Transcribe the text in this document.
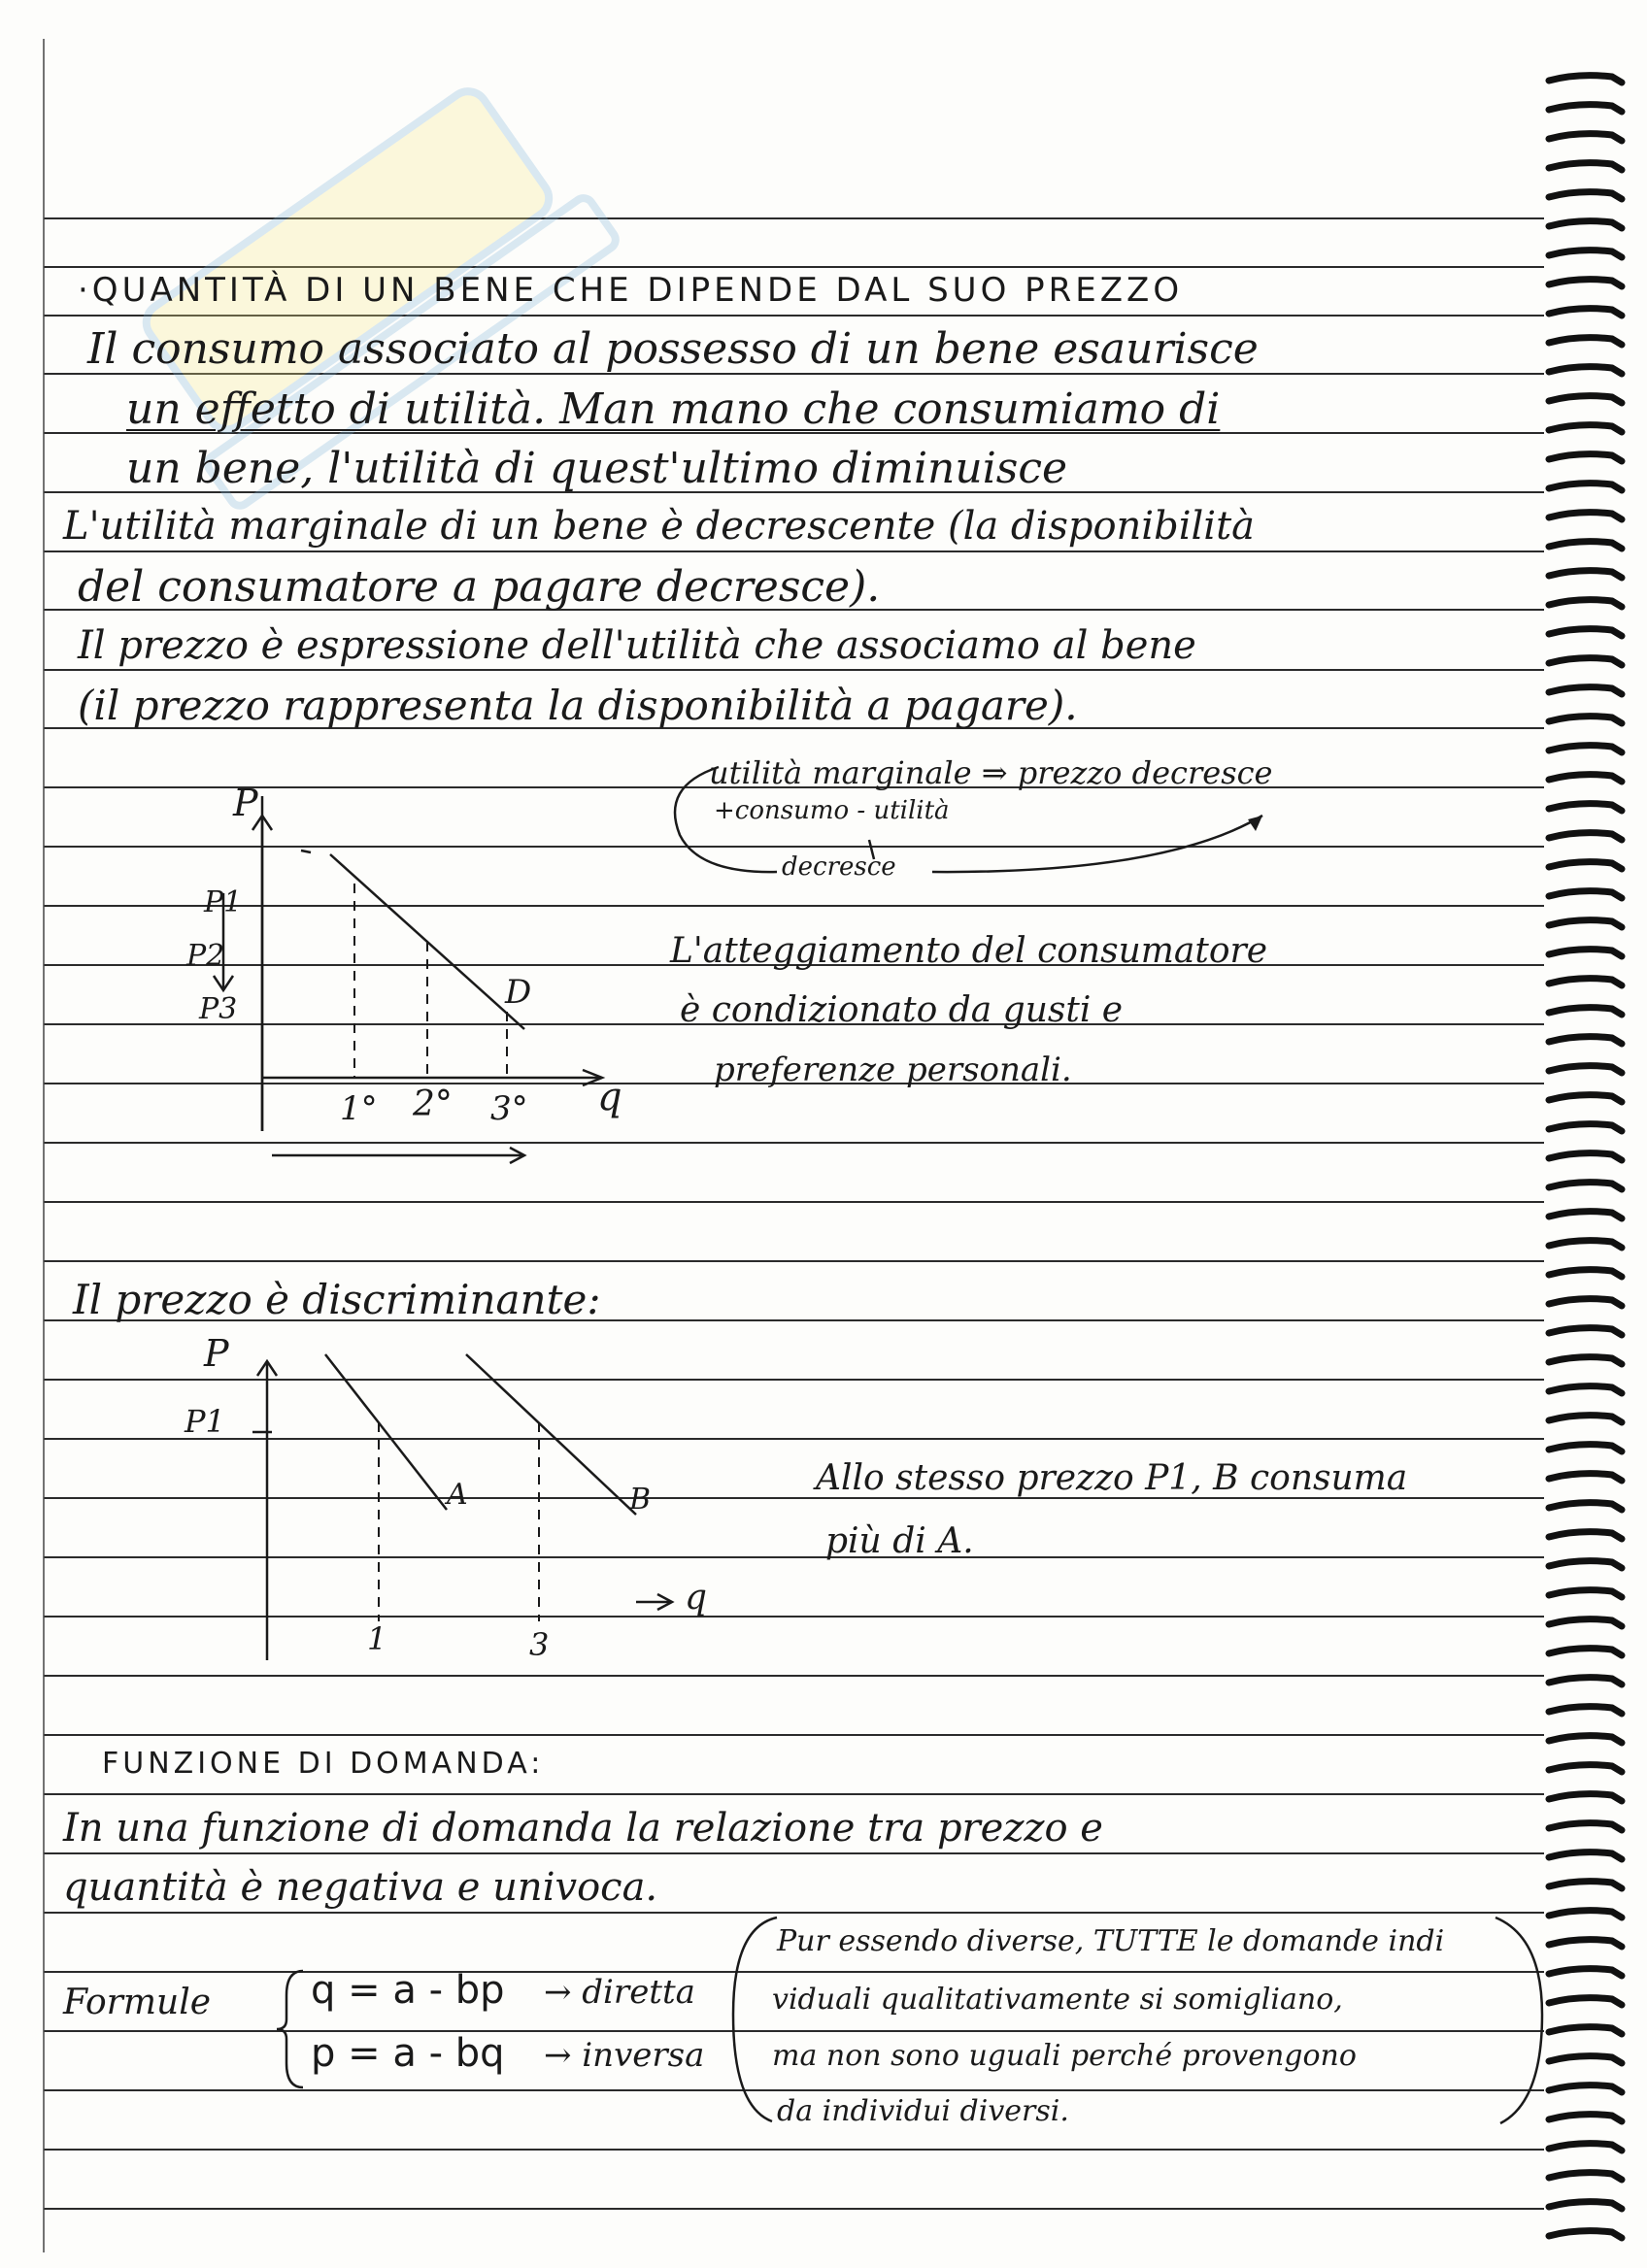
·QUANTITÀ DI UN BENE CHE DIPENDE DAL SUO PREZZO
Il consumo associato al possesso di un bene esaurisce
un effetto di utilità. Man mano che consumiamo di
un bene, l'utilità di quest'ultimo diminuisce
L'utilità marginale di un bene è decrescente (la disponibilità
del consumatore a pagare decresce).
Il prezzo è espressione dell'utilità che associamo al bene
(il prezzo rappresenta la disponibilità a pagare).
utilità marginale ⇒ prezzo decresce
+consumo - utilità
decresce
P
P1
P2
P3	D
1° 2° 3° q
L'atteggiamento del consumatore
è condizionato da gusti e
preferenze personali.
Il prezzo è discriminante:
P
P1
A	B
1	3
q
Allo stesso prezzo P1, B consuma
più di A.
FUNZIONE DI DOMANDA:
In una funzione di domanda la relazione tra prezzo e
quantità è negativa e univoca.
Formule	q = a - bp → diretta
p = a - bq → inversa
Pur essendo diverse, TUTTE le domande indi
viduali qualitativamente si somigliano,
ma non sono uguali perché provengono
da individui diversi.
